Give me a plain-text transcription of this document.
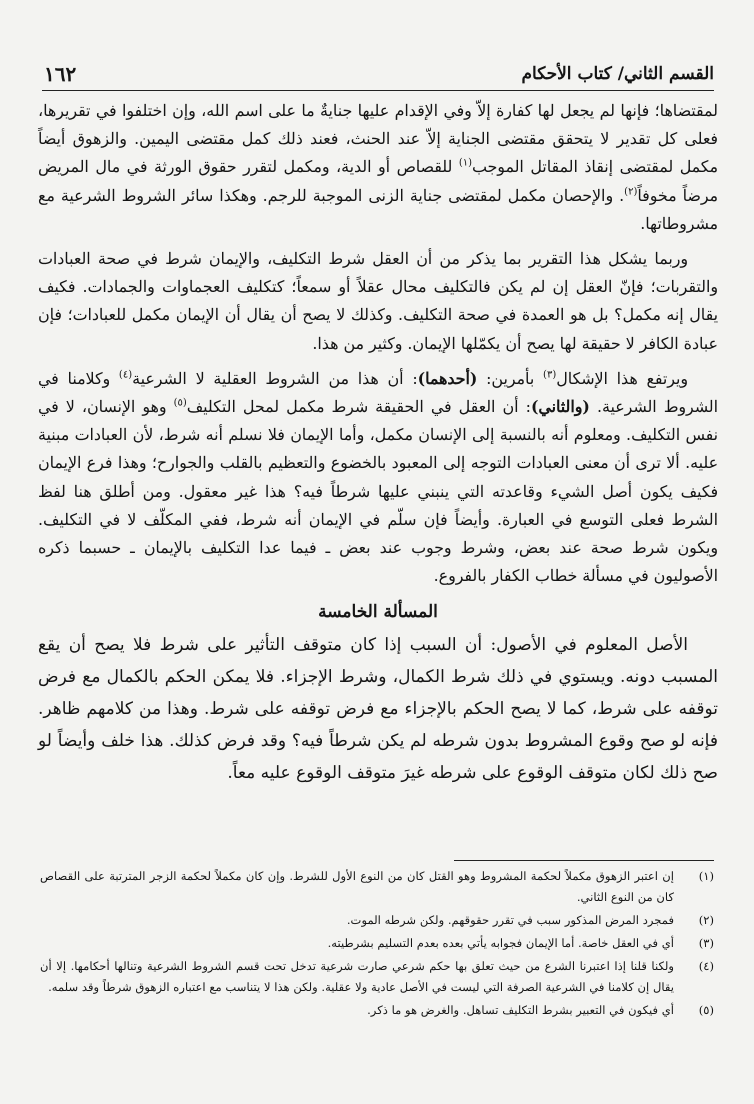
القسم الثاني/ كتاب الأحكام
١٦٢

لمقتضاها؛ فإنها لم يجعل لها كفارة إلاّ وفي الإقدام عليها جنايةٌ ما على اسم الله، وإن اختلفوا في تقريرها، فعلى كل تقدير لا يتحقق مقتضى الجناية إلاّ عند الحنث، فعند ذلك كمل مقتضى اليمين. والزهوق أيضاً مكمل لمقتضى إنقاذ المقاتل الموجب$^{(١)}$ للقصاص أو الدية، ومكمل لتقرر حقوق الورثة في مال المريض مرضاً مخوفاً$^{(٢)}$. والإحصان مكمل لمقتضى جناية الزنى الموجبة للرجم. وهكذا سائر الشروط الشرعية مع مشروطاتها.

وربما يشكل هذا التقرير بما يذكر من أن العقل شرط التكليف، والإيمان شرط في صحة العبادات والتقربات؛ فإنّ العقل إن لم يكن فالتكليف محال عقلاً أو سمعاً؛ كتكليف العجماوات والجمادات. فكيف يقال إنه مكمل؟ بل هو العمدة في صحة التكليف. وكذلك لا يصح أن يقال أن الإيمان مكمل للعبادات؛ فإن عبادة الكافر لا حقيقة لها يصح أن يكمّلها الإيمان. وكثير من هذا.

ويرتفع هذا الإشكال$^{(٣)}$ بأمرين: (أحدهما): أن هذا من الشروط العقلية لا الشرعية$^{(٤)}$ وكلامنا في الشروط الشرعية. (والثاني): أن العقل في الحقيقة شرط مكمل لمحل التكليف$^{(٥)}$ وهو الإنسان، لا في نفس التكليف. ومعلوم أنه بالنسبة إلى الإنسان مكمل، وأما الإيمان فلا نسلم أنه شرط، لأن العبادات مبنية عليه. ألا ترى أن معنى العبادات التوجه إلى المعبود بالخضوع والتعظيم بالقلب والجوارح؛ وهذا فرع الإيمان فكيف يكون أصل الشيء وقاعدته التي ينبني عليها شرطاً فيه؟ هذا غير معقول. ومن أطلق هنا لفظ الشرط فعلى التوسع في العبارة. وأيضاً فإن سلّم في الإيمان أنه شرط، ففي المكلّف لا في التكليف. ويكون شرط صحة عند بعض، وشرط وجوب عند بعض ـ فيما عدا التكليف بالإيمان ـ حسبما ذكره الأصوليون في مسألة خطاب الكفار بالفروع.

المسألة الخامسة

الأصل المعلوم في الأصول: أن السبب إذا كان متوقف التأثير على شرط فلا يصح أن يقع المسبب دونه. ويستوي في ذلك شرط الكمال، وشرط الإجزاء. فلا يمكن الحكم بالكمال مع فرض توقفه على شرط، كما لا يصح الحكم بالإجزاء مع فرض توقفه على شرط. وهذا من كلامهم ظاهر. فإنه لو صح وقوع المشروط بدون شرطه لم يكن شرطاً فيه؟ وقد فرض كذلك. هذا خلف وأيضاً لو صح ذلك لكان متوقف الوقوع على شرطه غيرَ متوقف الوقوع عليه معاً.

(١)
إن اعتبر الزهوق مكملاً لحكمة المشروط وهو القتل كان من النوع الأول للشرط. وإن كان مكملاً لحكمة الزجر المترتبة على القصاص كان من النوع الثاني.
(٢)
فمجرد المرض المذكور سبب في تقرر حقوقهم. ولكن شرطه الموت.
(٣)
أي في العقل خاصة. أما الإيمان فجوابه يأتي بعده بعدم التسليم بشرطيته.
(٤)
ولكنا قلنا إذا اعتبرنا الشرع من حيث تعلق بها حكم شرعي صارت شرعية تدخل تحت قسم الشروط الشرعية وتنالها أحكامها. إلا أن يقال إن كلامنا في الشرعية الصرفة التي ليست في الأصل عادية ولا عقلية. ولكن هذا لا يتناسب مع اعتباره الزهوق شرطاً وقد سلمه.
(٥)
أي فيكون في التعبير بشرط التكليف تساهل. والغرض هو ما ذكر.
